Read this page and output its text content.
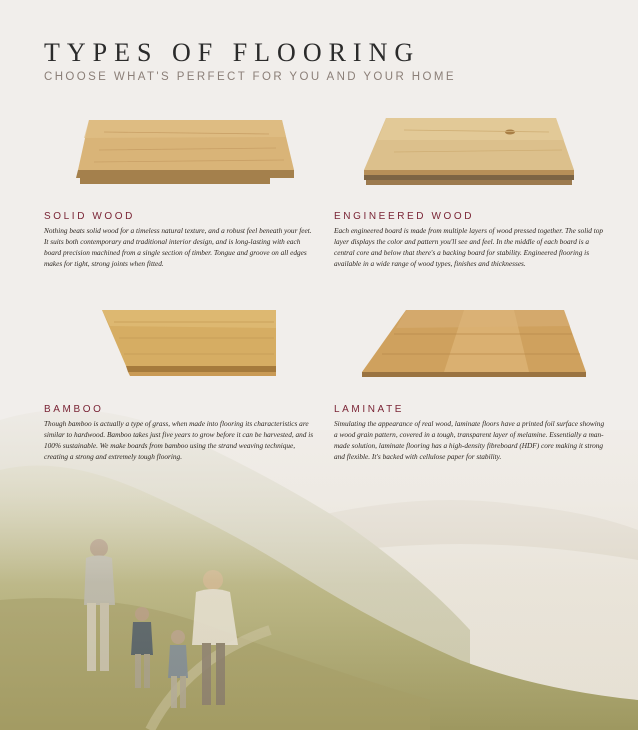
TYPES OF FLOORING

CHOOSE WHAT'S PERFECT FOR YOU AND YOUR HOME

SOLID WOOD

Nothing beats solid wood for a timeless natural texture, and a robust feel beneath your feet. It suits both contemporary and traditional interior design, and is long-lasting with each board precision machined from a single section of timber. Tongue and groove on all edges makes for tight, strong joints when fitted.

ENGINEERED WOOD

Each engineered board is made from multiple layers of wood pressed together. The solid top layer displays the color and pattern you'll see and feel. In the middle of each board is a central core and below that there's a backing board for stability. Engineered flooring is available in a wide range of wood types, finishes and thicknesses.

BAMBOO

Though bamboo is actually a type of grass, when made into flooring its characteristics are similar to hardwood. Bamboo takes just five years to grow before it can be harvested, and is 100% sustainable. We make boards from bamboo using the strand weaving technique, creating a strong and extremely tough flooring.

LAMINATE

Simulating the appearance of real wood, laminate floors have a printed foil surface showing a wood grain pattern, covered in a tough, transparent layer of melamine. Essentially a man-made solution, laminate flooring has a high-density fibreboard (HDF) core making it strong and flexible. It's backed with cellulose paper for stability.
